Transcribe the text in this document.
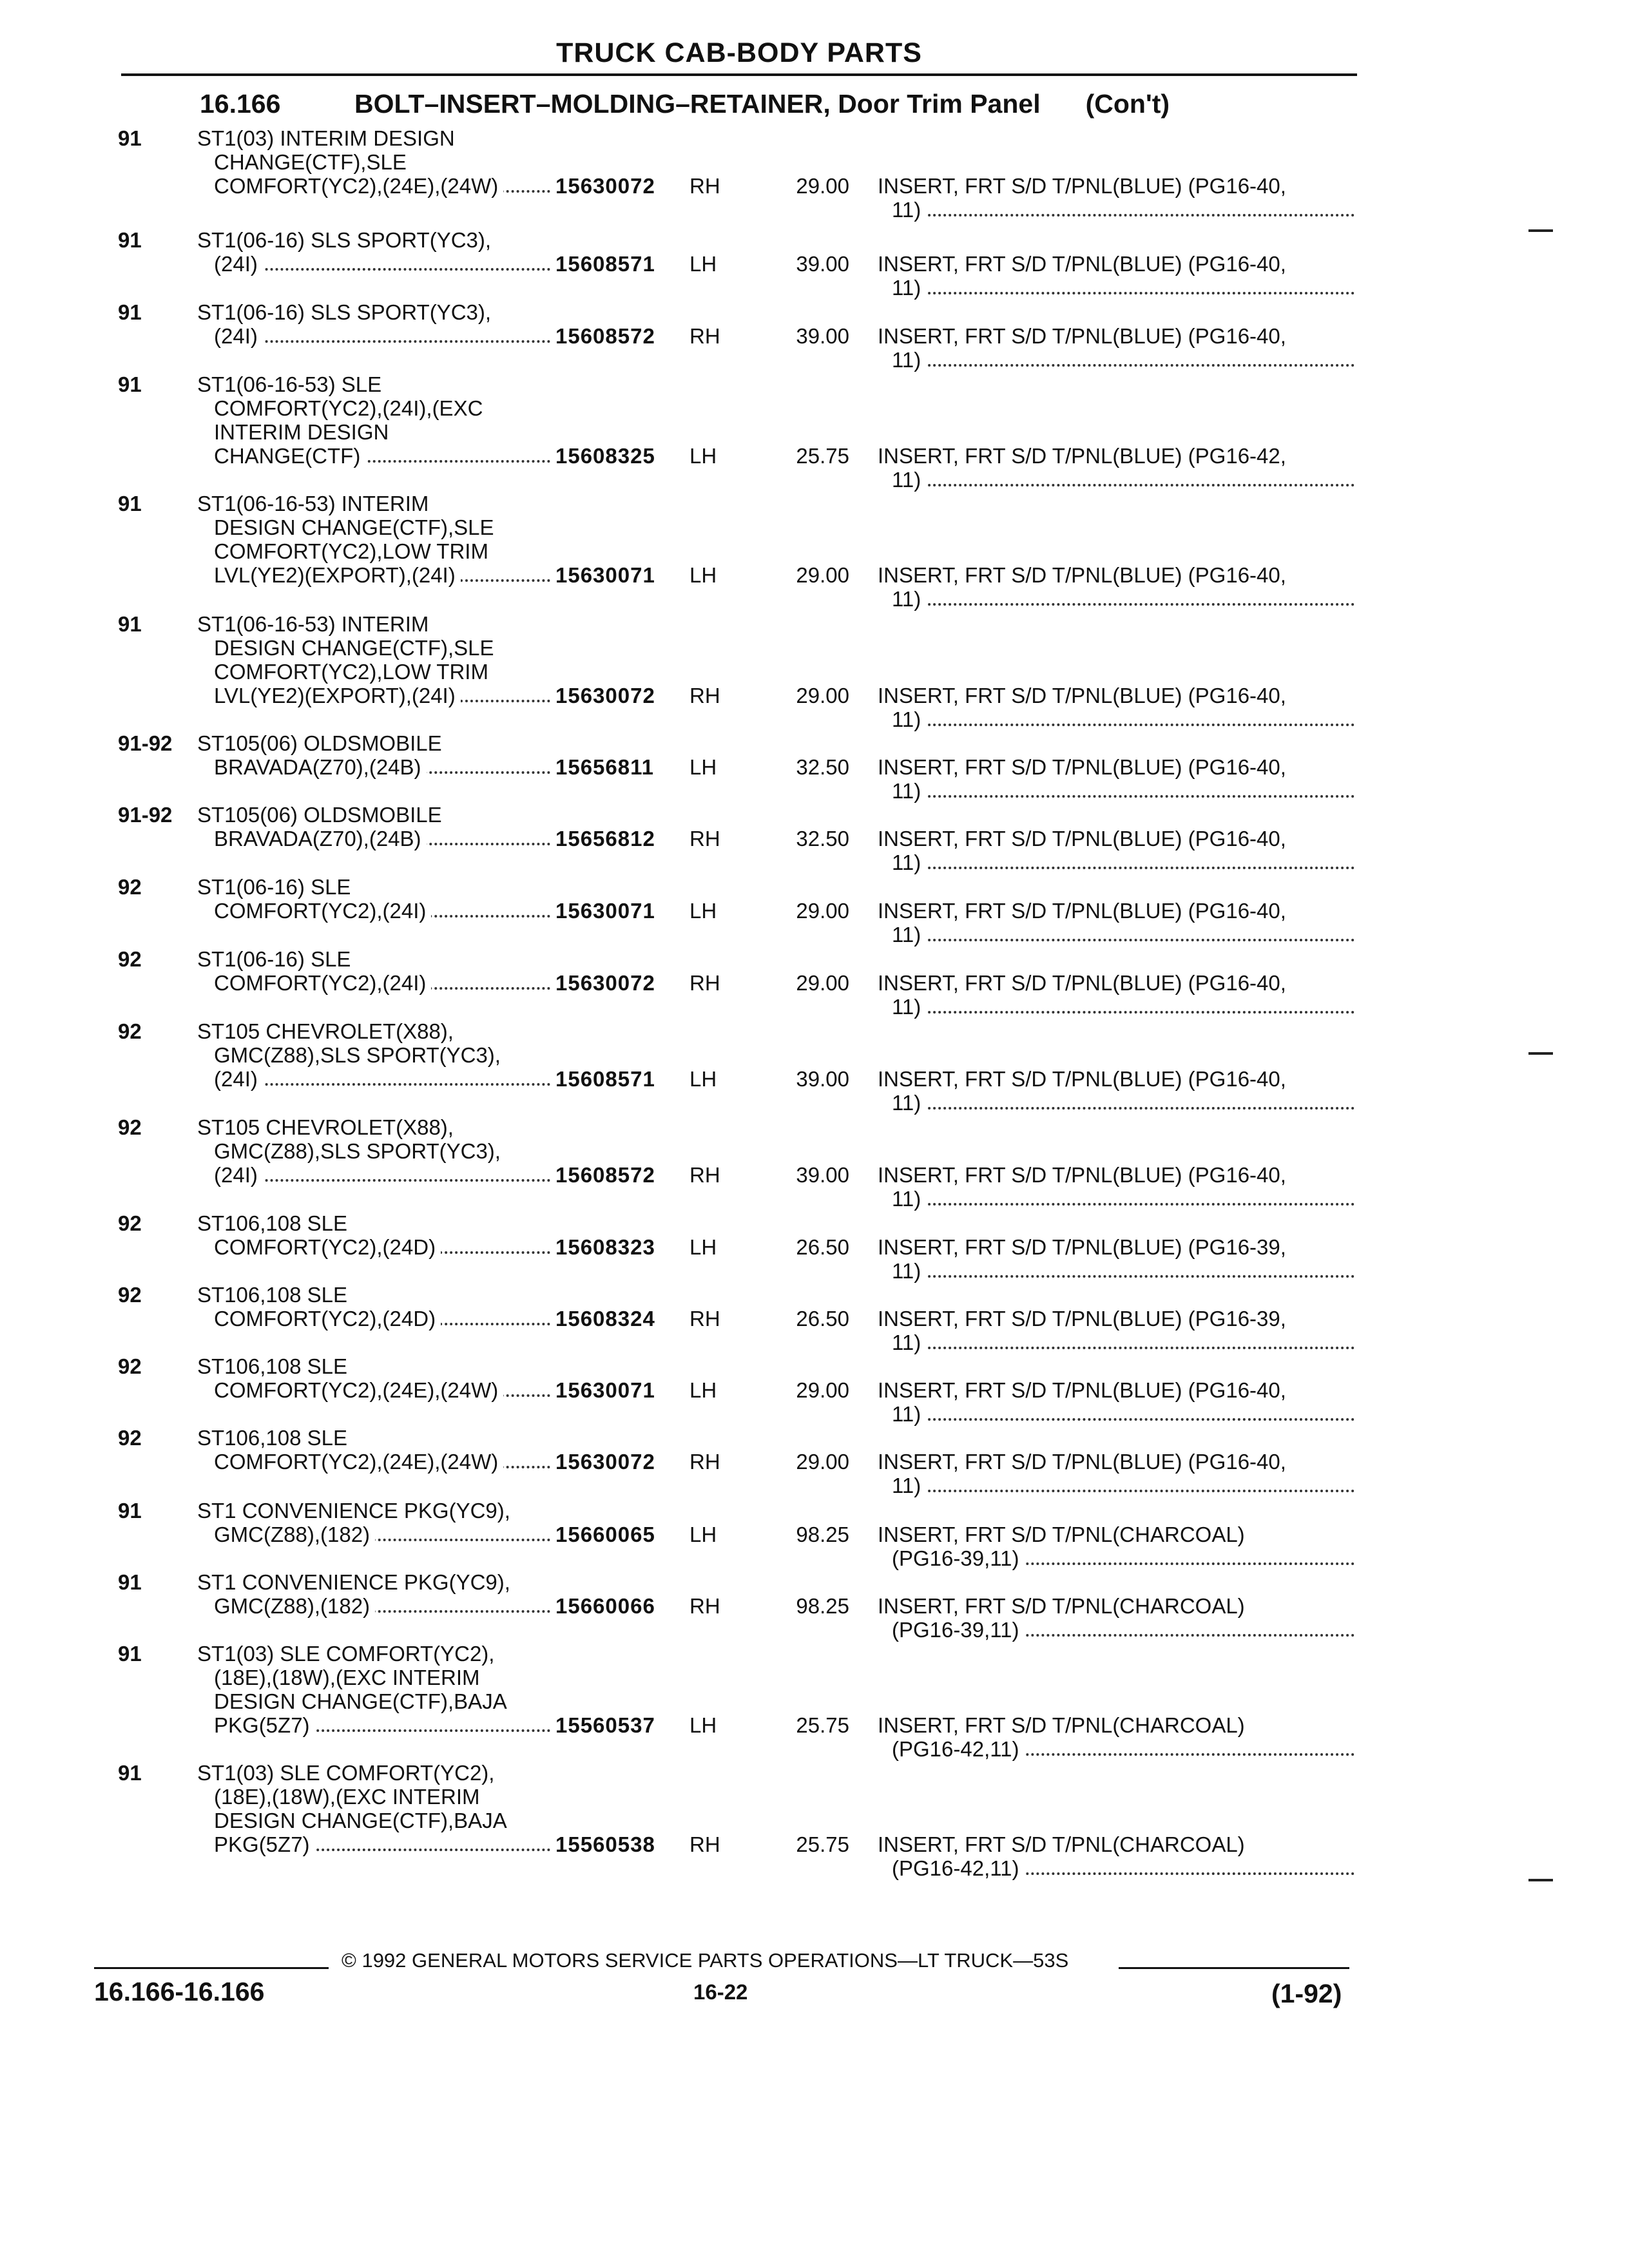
TRUCK CAB-BODY PARTS
16.166	BOLT–INSERT–MOLDING–RETAINER, Door Trim Panel (Con't)
91	ST1(03) INTERIM DESIGN
CHANGE(CTF),SLE
COMFORT(YC2),(24E),(24W)	15630072 RH	29.00 INSERT, FRT S/D T/PNL(BLUE) (PG16-40,
11)
91	ST1(06-16) SLS SPORT(YC3),
(24I)	15608571 LH	39.00 INSERT, FRT S/D T/PNL(BLUE) (PG16-40,
11)
91	ST1(06-16) SLS SPORT(YC3),
(24I)	15608572 RH	39.00 INSERT, FRT S/D T/PNL(BLUE) (PG16-40,
11)
91	ST1(06-16-53) SLE
COMFORT(YC2),(24I),(EXC
INTERIM DESIGN
CHANGE(CTF)	15608325 LH	25.75 INSERT, FRT S/D T/PNL(BLUE) (PG16-42,
11)
91	ST1(06-16-53) INTERIM
DESIGN CHANGE(CTF),SLE
COMFORT(YC2),LOW TRIM
LVL(YE2)(EXPORT),(24I)	15630071 LH	29.00 INSERT, FRT S/D T/PNL(BLUE) (PG16-40,
11)
91	ST1(06-16-53) INTERIM
DESIGN CHANGE(CTF),SLE
COMFORT(YC2),LOW TRIM
LVL(YE2)(EXPORT),(24I)	15630072 RH	29.00 INSERT, FRT S/D T/PNL(BLUE) (PG16-40,
11)
91-92 ST105(06) OLDSMOBILE
BRAVADA(Z70),(24B)	15656811 LH	32.50 INSERT, FRT S/D T/PNL(BLUE) (PG16-40,
11)
91-92 ST105(06) OLDSMOBILE
BRAVADA(Z70),(24B)	15656812 RH	32.50 INSERT, FRT S/D T/PNL(BLUE) (PG16-40,
11)
92	ST1(06-16) SLE
COMFORT(YC2),(24I)	15630071 LH	29.00 INSERT, FRT S/D T/PNL(BLUE) (PG16-40,
11)
92	ST1(06-16) SLE
COMFORT(YC2),(24I)	15630072 RH	29.00 INSERT, FRT S/D T/PNL(BLUE) (PG16-40,
11)
92	ST105 CHEVROLET(X88),
GMC(Z88),SLS SPORT(YC3),
(24I)	15608571 LH	39.00 INSERT, FRT S/D T/PNL(BLUE) (PG16-40,
11)
92	ST105 CHEVROLET(X88),
GMC(Z88),SLS SPORT(YC3),
(24I)	15608572 RH	39.00 INSERT, FRT S/D T/PNL(BLUE) (PG16-40,
11)
92	ST106,108 SLE
COMFORT(YC2),(24D)	15608323 LH	26.50 INSERT, FRT S/D T/PNL(BLUE) (PG16-39,
11)
92	ST106,108 SLE
COMFORT(YC2),(24D)	15608324 RH	26.50 INSERT, FRT S/D T/PNL(BLUE) (PG16-39,
11)
92	ST106,108 SLE
COMFORT(YC2),(24E),(24W)	15630071 LH	29.00 INSERT, FRT S/D T/PNL(BLUE) (PG16-40,
11)
92	ST106,108 SLE
COMFORT(YC2),(24E),(24W)	15630072 RH	29.00 INSERT, FRT S/D T/PNL(BLUE) (PG16-40,
11)
91	ST1 CONVENIENCE PKG(YC9),
GMC(Z88),(182)	15660065 LH	98.25 INSERT, FRT S/D T/PNL(CHARCOAL)
(PG16-39,11)
91	ST1 CONVENIENCE PKG(YC9),
GMC(Z88),(182)	15660066 RH	98.25 INSERT, FRT S/D T/PNL(CHARCOAL)
(PG16-39,11)
91	ST1(03) SLE COMFORT(YC2),
(18E),(18W),(EXC INTERIM
DESIGN CHANGE(CTF),BAJA
PKG(5Z7)	15560537 LH	25.75 INSERT, FRT S/D T/PNL(CHARCOAL)
(PG16-42,11)
91	ST1(03) SLE COMFORT(YC2),
(18E),(18W),(EXC INTERIM
DESIGN CHANGE(CTF),BAJA
PKG(5Z7)	15560538 RH	25.75 INSERT, FRT S/D T/PNL(CHARCOAL)
(PG16-42,11)
© 1992 GENERAL MOTORS SERVICE PARTS OPERATIONS—LT TRUCK—53S
16.166-16.166	16-22	(1-92)
